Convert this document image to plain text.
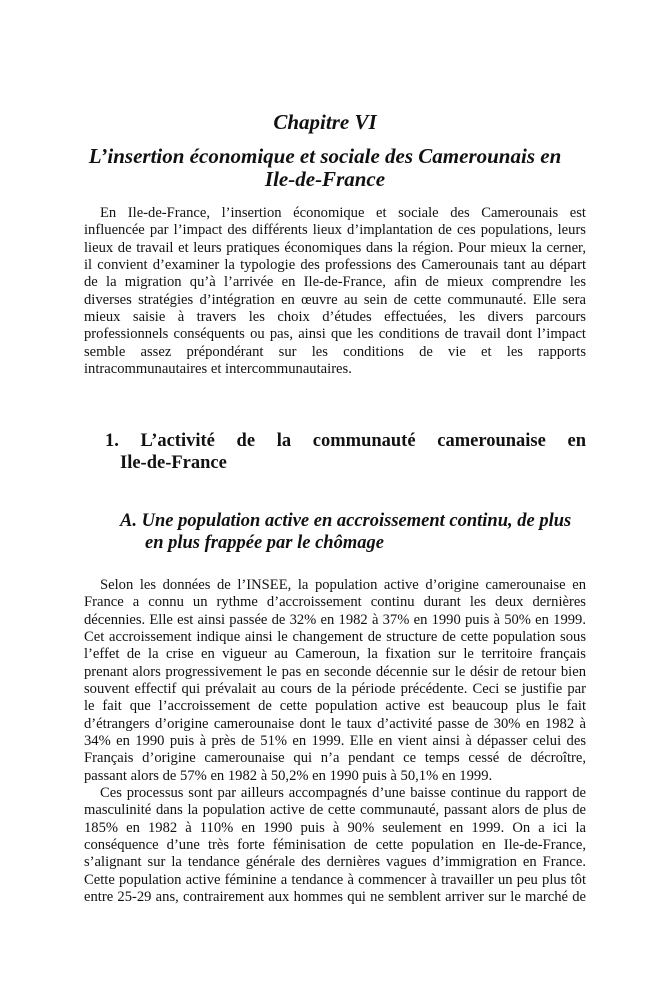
Chapitre VI
L’insertion économique et sociale des Camerounais en
Ile-de-France
En Ile-de-France, l’insertion économique et sociale des Camerounais est
influencée par l’impact des différents lieux d’implantation de ces populations, leurs
lieux de travail et leurs pratiques économiques dans la région. Pour mieux la cerner,
il convient d’examiner la typologie des professions des Camerounais tant au départ
de la migration qu’à l’arrivée en Ile-de-France, afin de mieux comprendre les
diverses stratégies d’intégration en œuvre au sein de cette communauté. Elle sera
mieux saisie à travers les choix d’études effectuées, les divers parcours
professionnels conséquents ou pas, ainsi que les conditions de travail dont l’impact
semble assez prépondérant sur les conditions de vie et les rapports
intracommunautaires et intercommunautaires.
1. L’activité de la communauté camerounaise en
Ile-de-France
A. Une population active en accroissement continu, de plus
en plus frappée par le chômage
Selon les données de l’INSEE, la population active d’origine camerounaise en
France a connu un rythme d’accroissement continu durant les deux dernières
décennies. Elle est ainsi passée de 32% en 1982 à 37% en 1990 puis à 50% en 1999.
Cet accroissement indique ainsi le changement de structure de cette population sous
l’effet de la crise en vigueur au Cameroun, la fixation sur le territoire français
prenant alors progressivement le pas en seconde décennie sur le désir de retour bien
souvent effectif qui prévalait au cours de la période précédente. Ceci se justifie par
le fait que l’accroissement de cette population active est beaucoup plus le fait
d’étrangers d’origine camerounaise dont le taux d’activité passe de 30% en 1982 à
34% en 1990 puis à près de 51% en 1999. Elle en vient ainsi à dépasser celui des
Français d’origine camerounaise qui n’a pendant ce temps cessé de décroître,
passant alors de 57% en 1982 à 50,2% en 1990 puis à 50,1% en 1999.
Ces processus sont par ailleurs accompagnés d’une baisse continue du rapport de
masculinité dans la population active de cette communauté, passant alors de plus de
185% en 1982 à 110% en 1990 puis à 90% seulement en 1999. On a ici la
conséquence d’une très forte féminisation de cette population en Ile-de-France,
s’alignant sur la tendance générale des dernières vagues d’immigration en France.
Cette population active féminine a tendance à commencer à travailler un peu plus tôt
entre 25-29 ans, contrairement aux hommes qui ne semblent arriver sur le marché de
